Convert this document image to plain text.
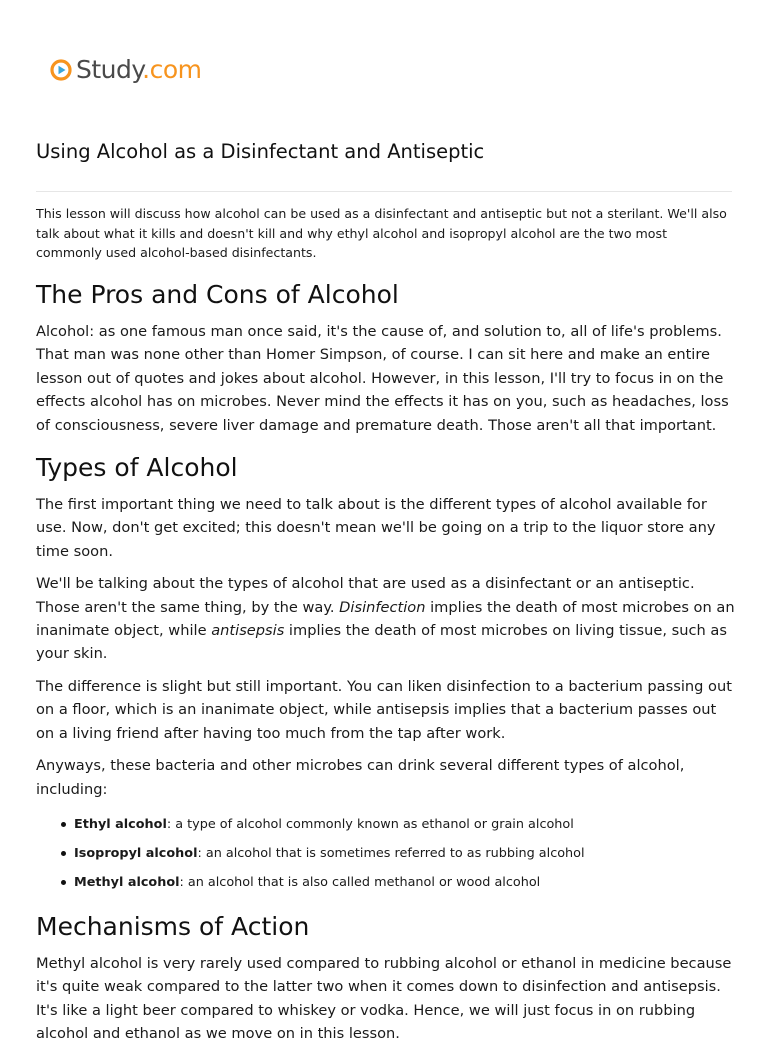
Study.com
Using Alcohol as a Disinfectant and Antiseptic

This lesson will discuss how alcohol can be used as a disinfectant and antiseptic but not a sterilant. We'll also talk about what it kills and doesn't kill and why ethyl alcohol and isopropyl alcohol are the two most commonly used alcohol-based disinfectants.

The Pros and Cons of Alcohol

Alcohol: as one famous man once said, it's the cause of, and solution to, all of life's problems. That man was none other than Homer Simpson, of course. I can sit here and make an entire lesson out of quotes and jokes about alcohol. However, in this lesson, I'll try to focus in on the effects alcohol has on microbes. Never mind the effects it has on you, such as headaches, loss of consciousness, severe liver damage and premature death. Those aren't all that important.

Types of Alcohol

The first important thing we need to talk about is the different types of alcohol available for use. Now, don't get excited; this doesn't mean we'll be going on a trip to the liquor store any time soon.

We'll be talking about the types of alcohol that are used as a disinfectant or an antiseptic. Those aren't the same thing, by the way. Disinfection implies the death of most microbes on an inanimate object, while antisepsis implies the death of most microbes on living tissue, such as your skin.

The difference is slight but still important. You can liken disinfection to a bacterium passing out on a floor, which is an inanimate object, while antisepsis implies that a bacterium passes out on a living friend after having too much from the tap after work.

Anyways, these bacteria and other microbes can drink several different types of alcohol, including:

Ethyl alcohol: a type of alcohol commonly known as ethanol or grain alcohol
Isopropyl alcohol: an alcohol that is sometimes referred to as rubbing alcohol
Methyl alcohol: an alcohol that is also called methanol or wood alcohol
Mechanisms of Action

Methyl alcohol is very rarely used compared to rubbing alcohol or ethanol in medicine because it's quite weak compared to the latter two when it comes down to disinfection and antisepsis. It's like a light beer compared to whiskey or vodka. Hence, we will just focus in on rubbing alcohol and ethanol as we move on in this lesson.
